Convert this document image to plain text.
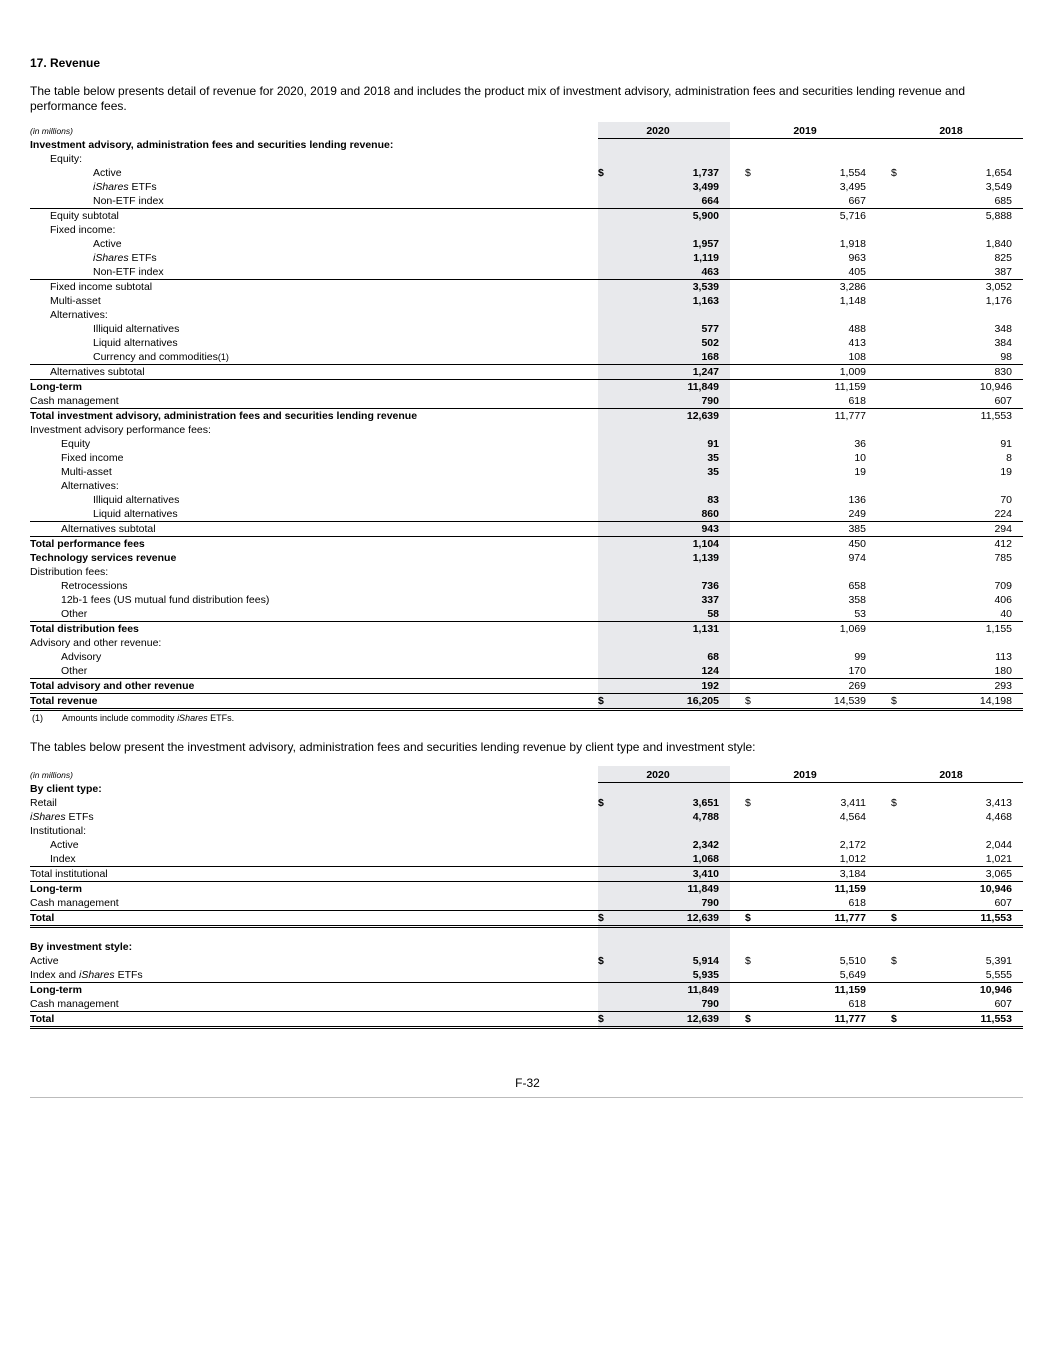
17. Revenue
The table below presents detail of revenue for 2020, 2019 and 2018 and includes the product mix of investment advisory, administration fees and securities lending revenue and performance fees.
(in millions)	2020	2019	2018
Investment advisory, administration fees and securities lending revenue:
Equity:
Active	$	1,737 $	1,554 $	1,654
iShares ETFs	3,499	3,495	3,549
Non-ETF index	664	667	685
Equity subtotal	5,900	5,716	5,888
Fixed income:
Active	1,957	1,918	1,840
iShares ETFs	1,119	963	825
Non-ETF index	463	405	387
Fixed income subtotal	3,539	3,286	3,052
Multi-asset	1,163	1,148	1,176
Alternatives:
Illiquid alternatives	577	488	348
Liquid alternatives	502	413	384
Currency and commodities(1)	168	108	98
Alternatives subtotal	1,247	1,009	830
Long-term	11,849	11,159	10,946
Cash management	790	618	607
Total investment advisory, administration fees and securities lending revenue	12,639	11,777	11,553
Investment advisory performance fees:
Equity	91	36	91
Fixed income	35	10	8
Multi-asset	35	19	19
Alternatives:
Illiquid alternatives	83	136	70
Liquid alternatives	860	249	224
Alternatives subtotal	943	385	294
Total performance fees	1,104	450	412
Technology services revenue	1,139	974	785
Distribution fees:
Retrocessions	736	658	709
12b-1 fees (US mutual fund distribution fees)	337	358	406
Other	58	53	40
Total distribution fees	1,131	1,069	1,155
Advisory and other revenue:
Advisory	68	99	113
Other	124	170	180
Total advisory and other revenue	192	269	293
Total revenue	$	16,205 $	14,539 $	14,198
(1) Amounts include commodity iShares ETFs.
The tables below present the investment advisory, administration fees and securities lending revenue by client type and investment style:
(in millions)	2020	2019	2018
By client type:
Retail	$	3,651 $	3,411 $	3,413
iShares ETFs	4,788	4,564	4,468
Institutional:
Active	2,342	2,172	2,044
Index	1,068	1,012	1,021
Total institutional	3,410	3,184	3,065
Long-term	11,849	11,159	10,946
Cash management	790	618	607
Total	$	12,639 $	11,777 $	11,553
By investment style:
Active	$	5,914 $	5,510 $	5,391
Index and iShares ETFs	5,935	5,649	5,555
Long-term	11,849	11,159	10,946
Cash management	790	618	607
Total	$	12,639 $	11,777 $	11,553
F-32
